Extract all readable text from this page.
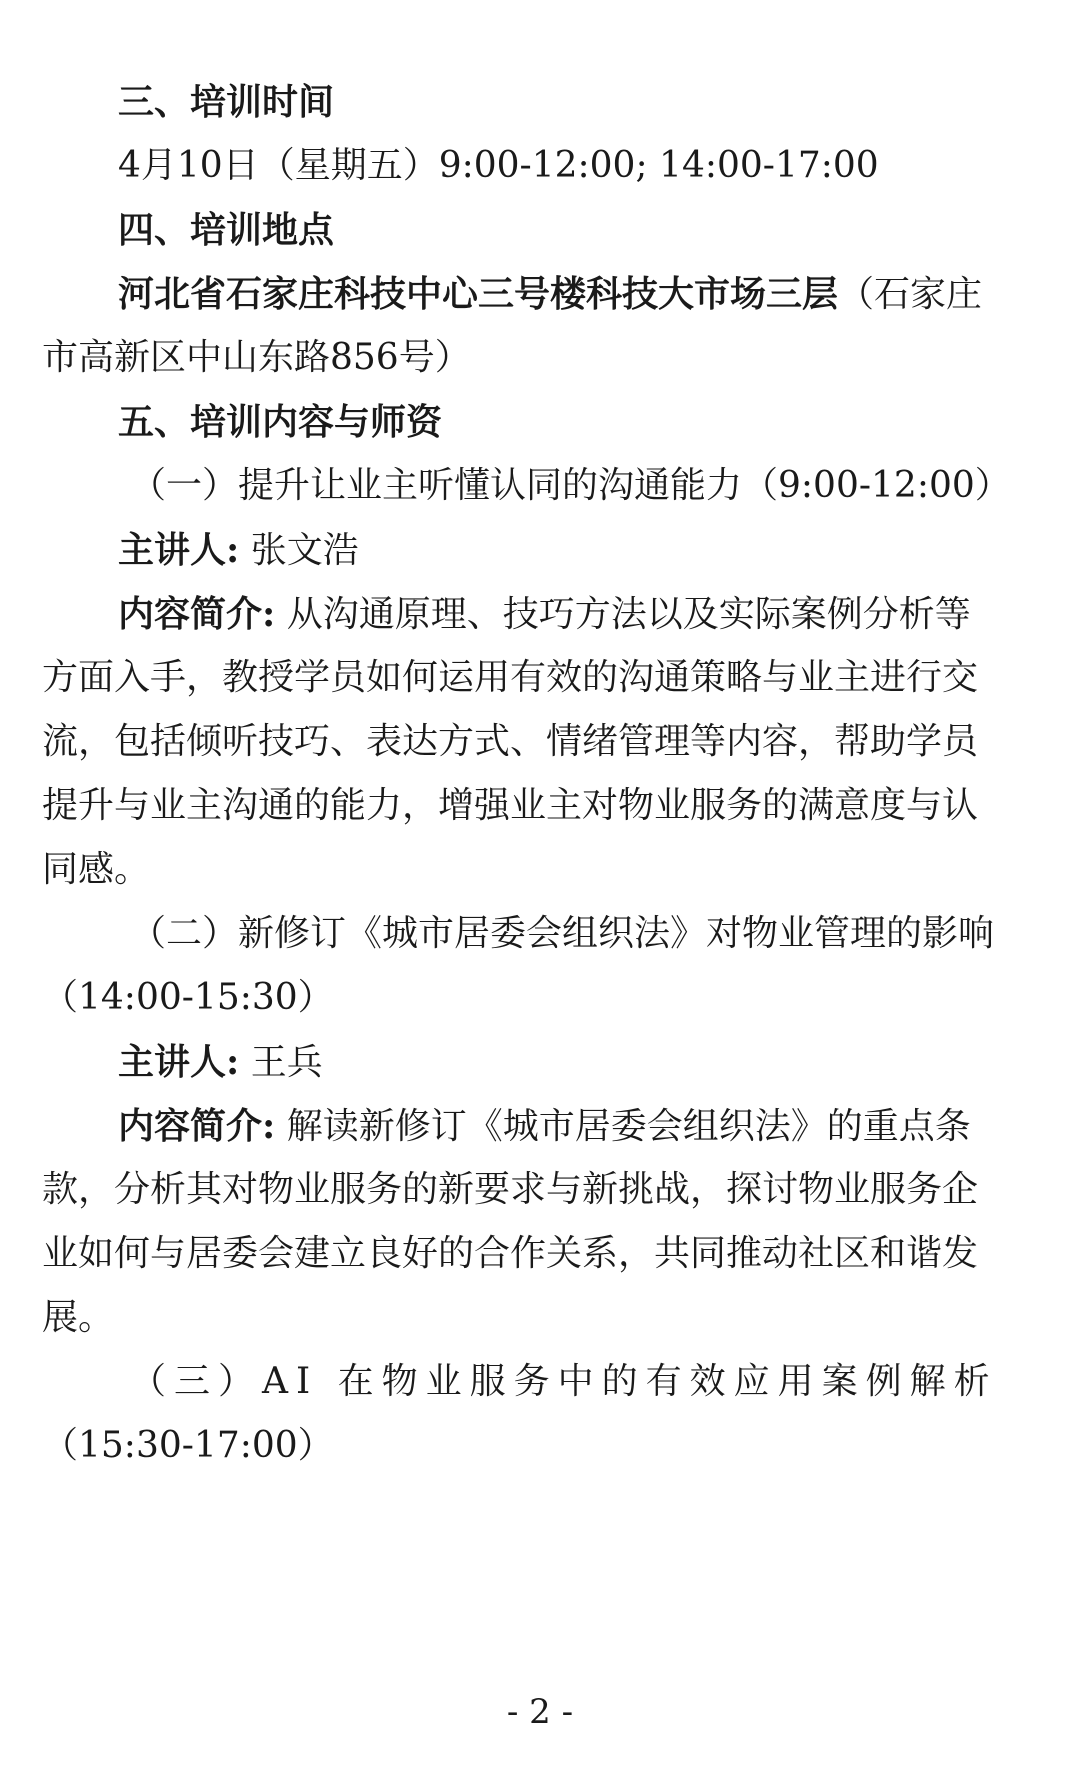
三、培训时间
4月10日（星期五）9:00-12:00; 14:00-17:00
四、培训地点
河北省石家庄科技中心三号楼科技大市场三层（石家庄
市高新区中山东路856号）
五、培训内容与师资
（一）提升让业主听懂认同的沟通能力（9:00-12:00）
主讲人: 张文浩
内容简介: 从沟通原理、技巧方法以及实际案例分析等
方面入手，教授学员如何运用有效的沟通策略与业主进行交
流，包括倾听技巧、表达方式、情绪管理等内容，帮助学员
提升与业主沟通的能力，增强业主对物业服务的满意度与认
同感。
（二）新修订《城市居委会组织法》对物业管理的影响
（14:00-15:30）
主讲人: 王兵
内容简介: 解读新修订《城市居委会组织法》的重点条
款，分析其对物业服务的新要求与新挑战，探讨物业服务企
业如何与居委会建立良好的合作关系，共同推动社区和谐发
展。
（三）AI 在物业服务中的有效应用案例解析
（15:30-17:00）
- 2 -
